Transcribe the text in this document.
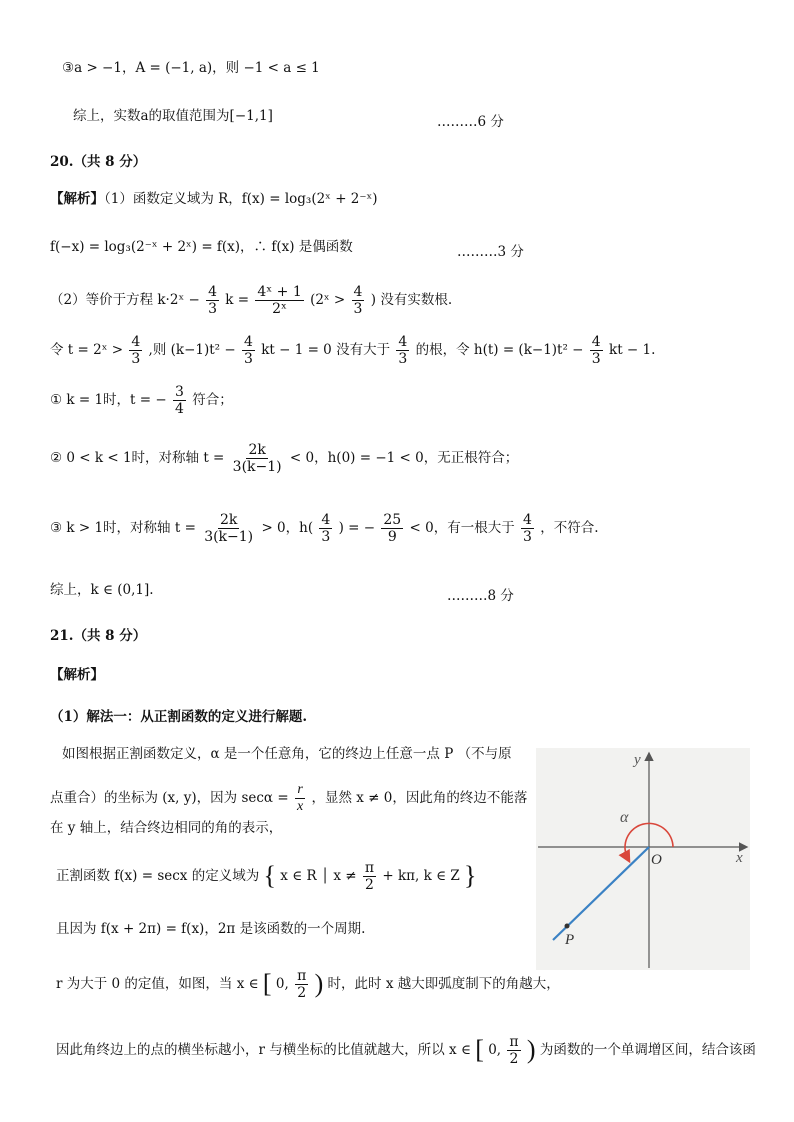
③a > −1，A = (−1, a)，则 −1 < a ≤ 1
综上，实数a的取值范围为[−1,1]	………6 分
20.（共 8 分）
【解析】（1）函数定义域为 R，f(x) = log₃(2ˣ + 2⁻ˣ)
f(−x) = log₃(2⁻ˣ + 2ˣ) = f(x)，∴ f(x) 是偶函数	………3 分
（2）等价于方程 k·2ˣ − $\frac{4}{3}$ $k = \frac{\text{4ˣ + 1}}{\text{2ˣ}}$ (2ˣ > $\frac{4}{3}$ ) 没有实数根.
令 t = 2ˣ > $\frac{4}{3}$ ,则 $(k-1)t^2 - \frac{4}{3}$ kt − 1 = 0 没有大于 $\frac{4}{3}$ 的根，令 $h(t) = (k-1)t^2 - \frac{4}{3}$ kt − 1.
① k = 1时，t = − $\frac{3}{4}$ 符合；
② 0 < k < 1时，对称轴 $t = \frac{2k}{3(k-1)} < 0$，h(0) = −1 < 0，无正根符合；
③ k > 1时，对称轴 $t = \frac{2k}{3(k-1)} > 0$，$h( \frac{4}{3}$ ) = − $\frac{25}{9} < 0$，有一根大于 $\frac{4}{3}$ ，不符合.
综上，k ∈ (0,1].	………8 分
21.（共 8 分）
【解析】
（1）解法一：从正割函数的定义进行解题.
如图根据正割函数定义，α 是一个任意角，它的终边上任意一点 P （不与原
点重合）的坐标为 (x, y)，因为 $\sec\alpha = \frac{r}{x}$ ，显然 x ≠ 0，因此角的终边不能落
在 y 轴上，结合终边相同的角的表示，
正割函数 f(x) = secx 的定义域为 { x ∈ R │ $x \ne \frac{\pi}{2} + k\pi$, k ∈ Z }
且因为 f(x + 2π) = f(x)，2π 是该函数的一个周期.
r 为大于 0 的定值，如图，当 x ∈ [ 0, $\frac{\pi}{2}$ ) 时，此时 x 越大即弧度制下的角越大，
因此角终边上的点的横坐标越小，r 与横坐标的比值就越大，所以 x ∈ [ 0, $\frac{\pi}{2}$ ) 为函数的一个单调增区间，结合该函
y
x
O
α
P
